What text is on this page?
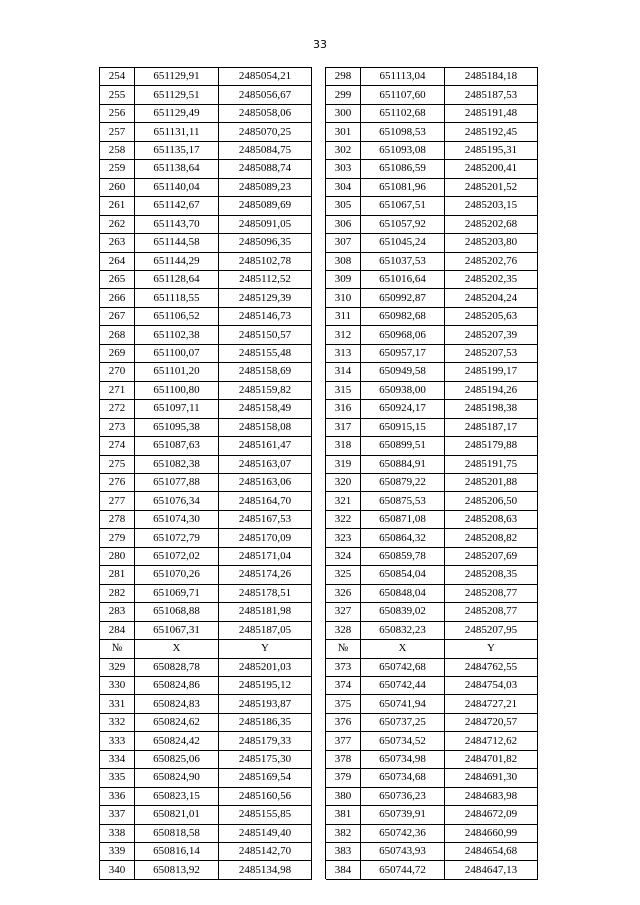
33
254	651129,91	2485054,21		298	651113,04	2485184,18
255	651129,51	2485056,67		299	651107,60	2485187,53
256	651129,49	2485058,06		300	651102,68	2485191,48
257	651131,11	2485070,25		301	651098,53	2485192,45
258	651135,17	2485084,75		302	651093,08	2485195,31
259	651138,64	2485088,74		303	651086,59	2485200,41
260	651140,04	2485089,23		304	651081,96	2485201,52
261	651142,67	2485089,69		305	651067,51	2485203,15
262	651143,70	2485091,05		306	651057,92	2485202,68
263	651144,58	2485096,35		307	651045,24	2485203,80
264	651144,29	2485102,78		308	651037,53	2485202,76
265	651128,64	2485112,52		309	651016,64	2485202,35
266	651118,55	2485129,39		310	650992,87	2485204,24
267	651106,52	2485146,73		311	650982,68	2485205,63
268	651102,38	2485150,57		312	650968,06	2485207,39
269	651100,07	2485155,48		313	650957,17	2485207,53
270	651101,20	2485158,69		314	650949,58	2485199,17
271	651100,80	2485159,82		315	650938,00	2485194,26
272	651097,11	2485158,49		316	650924,17	2485198,38
273	651095,38	2485158,08		317	650915,15	2485187,17
274	651087,63	2485161,47		318	650899,51	2485179,88
275	651082,38	2485163,07		319	650884,91	2485191,75
276	651077,88	2485163,06		320	650879,22	2485201,88
277	651076,34	2485164,70		321	650875,53	2485206,50
278	651074,30	2485167,53		322	650871,08	2485208,63
279	651072,79	2485170,09		323	650864,32	2485208,82
280	651072,02	2485171,04		324	650859,78	2485207,69
281	651070,26	2485174,26		325	650854,04	2485208,35
282	651069,71	2485178,51		326	650848,04	2485208,77
283	651068,88	2485181,98		327	650839,02	2485208,77
284	651067,31	2485187,05		328	650832,23	2485207,95
№	X	Y		№	X	Y
329	650828,78	2485201,03		373	650742,68	2484762,55
330	650824,86	2485195,12		374	650742,44	2484754,03
331	650824,83	2485193,87		375	650741,94	2484727,21
332	650824,62	2485186,35		376	650737,25	2484720,57
333	650824,42	2485179,33		377	650734,52	2484712,62
334	650825,06	2485175,30		378	650734,98	2484701,82
335	650824,90	2485169,54		379	650734,68	2484691,30
336	650823,15	2485160,56		380	650736,23	2484683,98
337	650821,01	2485155,85		381	650739,91	2484672,09
338	650818,58	2485149,40		382	650742,36	2484660,99
339	650816,14	2485142,70		383	650743,93	2484654,68
340	650813,92	2485134,98		384	650744,72	2484647,13
